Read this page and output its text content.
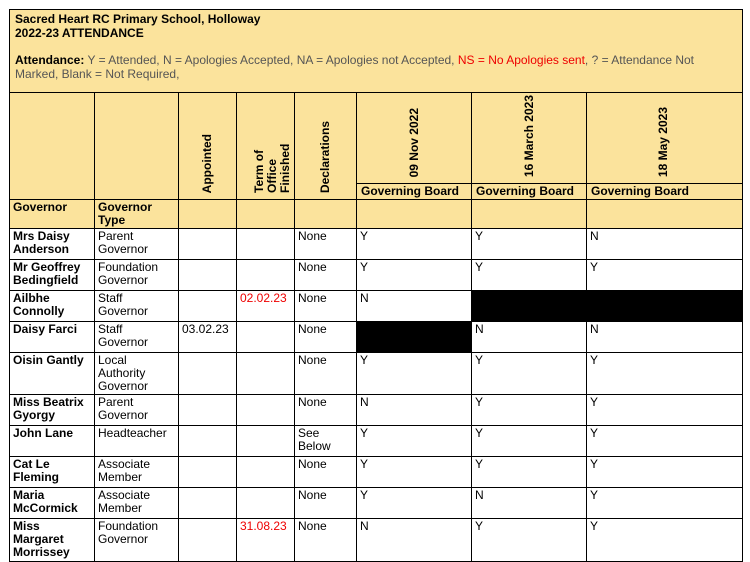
Sacred Heart RC Primary School, Holloway
2022-23 ATTENDANCE
Attendance: Y = Attended, N = Apologies Accepted, NA = Apologies not Accepted, NS = No Apologies sent, ? = Attendance Not Marked, Blank = Not Required,							

		Appointed	Term of Office Finished	Declarations	09 Nov 2022	16 March 2023	18 May 2023
					Governing Board	Governing Board	Governing Board
Governor	Governor Type						
Mrs Daisy Anderson	Parent Governor			None	Y	Y	N
Mr Geoffrey Bedingfield	Foundation Governor			None	Y	Y	Y
Ailbhe Connolly	Staff Governor		02.02.23	None	N		
Daisy Farci	Staff Governor	03.02.23		None		N	N
Oisin Gantly	Local Authority Governor			None	Y	Y	Y
Miss Beatrix Gyorgy	Parent Governor			None	N	Y	Y
John Lane	Headteacher			See Below	Y	Y	Y
Cat Le Fleming	Associate Member			None	Y	Y	Y
Maria McCormick	Associate Member			None	Y	N	Y
Miss Margaret Morrissey	Foundation Governor		31.08.23	None	N	Y	Y
